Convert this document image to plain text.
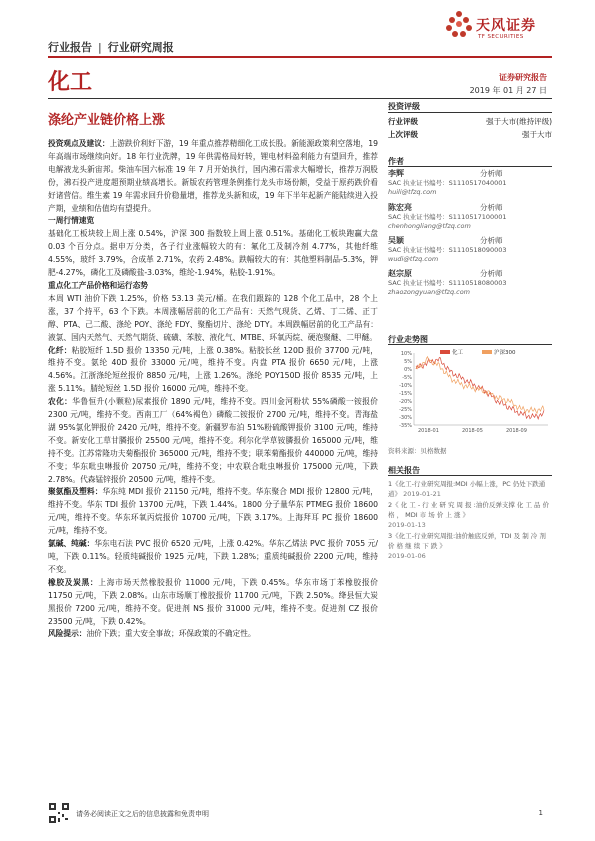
天风证券
TF SECURITIES
行业报告 | 行业研究周报
化工	证券研究报告
2019 年 01 月 27 日
涤纶产业链价格上涨

投资观点及建议：上游跌价利好下游，19 年重点推荐精细化工成长股。新能源政策利空落地，19 年高端市场继续向好。18 年行业洗牌，19 年供需格局好转，锂电材料盈利能力有望回升，推荐电解液龙头新宙邦。柴油车国六标准 19 年 7 月开始执行，国内沸石需求大幅增长，推荐万润股份，沸石投产进度超预期业绩高增长。新版农药管理条例推行龙头市场份额，受益于原药跌价看好诸营信。维生素 19 年需求回升价稳量增，推荐龙头新和成，19 年下半年起新产能陆续进入投产期，业绩和估值均有望提升。

一周行情速览

基础化工板块较上周上涨 0.54%，沪深 300 指数较上周上涨 0.51%。基础化工板块跑赢大盘 0.03 个百分点。据申万分类，各子行业涨幅较大的有：氟化工及制冷剂 4.77%，其他纤维 4.55%，玻纤 3.79%，合成革 2.71%，农药 2.48%。跌幅较大的有：其他塑料制品-5.3%，钾肥-4.27%，磷化工及磷酸盐-3.03%，维纶-1.94%，粘胶-1.91%。

重点化工产品价格和运行态势

本周 WTI 油价下跌 1.25%，价格 53.13 美元/桶。在我们跟踪的 128 个化工品中，28 个上涨，37 个持平，63 个下跌。本周涨幅居前的化工产品有：天然气现货、乙烯、丁二烯、正丁醇、PTA、己二酸、涤纶 POY、涤纶 FDY、聚酯切片、涤纶 DTY。本周跌幅居前的化工产品有：液氯、国内天然气、天然气期货、硫磺、苯胺、液化气、MTBE、环氧丙烷、硬泡聚醚、二甲醚。

化纤：粘胶短纤 1.5D 报价 13350 元/吨，上涨 0.38%。粘胶长丝 120D 报价 37700 元/吨，维持不变。氨纶 40D 报价 33000 元/吨，维持不变。内盘 PTA 报价 6650 元/吨，上涨 4.56%。江浙涤纶短丝报价 8850 元/吨，上涨 1.26%。涤纶 POY150D 报价 8535 元/吨，上涨 5.11%。腈纶短丝 1.5D 报价 16000 元/吨，维持不变。

农化：华鲁恒升(小颗粒)尿素报价 1890 元/吨，维持不变。四川金河粉状 55%磷酸一铵报价 2300 元/吨，维持不变。西南工厂（64%褐色）磷酸二铵报价 2700 元/吨，维持不变。青海盐湖 95%氯化钾报价 2420 元/吨，维持不变。新疆罗布泊 51%粉硫酸钾报价 3100 元/吨，维持不变。新安化工草甘膦报价 25500 元/吨，维持不变。利尔化学草铵膦报价 165000 元/吨，维持不变。江苏常隆功夫菊酯报价 365000 元/吨，维持不变；联苯菊酯报价 440000 元/吨，维持不变；华东吡虫啉报价 20750 元/吨，维持不变；中农联合吡虫啉报价 175000 元/吨，下跌 2.78%。代森锰锌报价 20500 元/吨，维持不变。

聚氨酯及塑料：华东纯 MDI 报价 21150 元/吨，维持不变。华东聚合 MDI 报价 12800 元/吨，维持不变。华东 TDI 报价 13700 元/吨，下跌 1.44%。1800 分子量华东 PTMEG 报价 18600 元/吨，维持不变。华东环氧丙烷报价 10700 元/吨，下跌 3.17%。上海拜耳 PC 报价 18600 元/吨，维持不变。

氯碱、纯碱：华东电石法 PVC 报价 6520 元/吨，上涨 0.42%。华东乙烯法 PVC 报价 7055 元/吨，下跌 0.11%。轻质纯碱报价 1925 元/吨，下跌 1.28%；重质纯碱报价 2200 元/吨，维持不变。

橡胶及炭黑：上海市场天然橡胶报价 11000 元/吨，下跌 0.45%。华东市场丁苯橡胶报价 11750 元/吨，下跌 2.08%。山东市场顺丁橡胶报价 11700 元/吨，下跌 2.50%。绛县恒大炭黑报价 7200 元/吨，维持不变。促进剂 NS 报价 31000 元/吨，维持不变。促进剂 CZ 报价 23500 元/吨，下跌 0.42%。

风险提示：油价下跌；重大安全事故；环保政策的不确定性。

投资评级
行业评级	强于大市(维持评级)
上次评级	强于大市
作者
李辉	分析师
SAC 执业证书编号：S1110517040001
huili@tfzq.com
陈宏亮	分析师
SAC 执业证书编号：S1110517100001
chenhongliang@tfzq.com
吴颖	分析师
SAC 执业证书编号：S1110518090003
wudi@tfzq.com
赵宗原	分析师
SAC 执业证书编号：S1110518080003
zhaozongyuan@tfzq.com
行业走势图
10%
5%
0%
-5%
-10%
-15%
-20%
-25%
-30%
-35%
2018-01	2018-05	2018-09
化工	沪深300
资料来源：贝格数据
相关报告
1《化工-行业研究周报:MDI 小幅上涨，PC 仍处下跌通道》 2019-01-21
2《 化 工 - 行 业 研 究 周 报 :油价反弹支撑 化 工 品 价 格 ， MDI 市 场 价 上 涨 》
2019-01-13
3《化工-行业研究周报:油价触底反弹，TDI 及 制 冷 剂 价 格 继 续 下 跌 》
2019-01-06
请务必阅读正文之后的信息披露和免责申明	1
